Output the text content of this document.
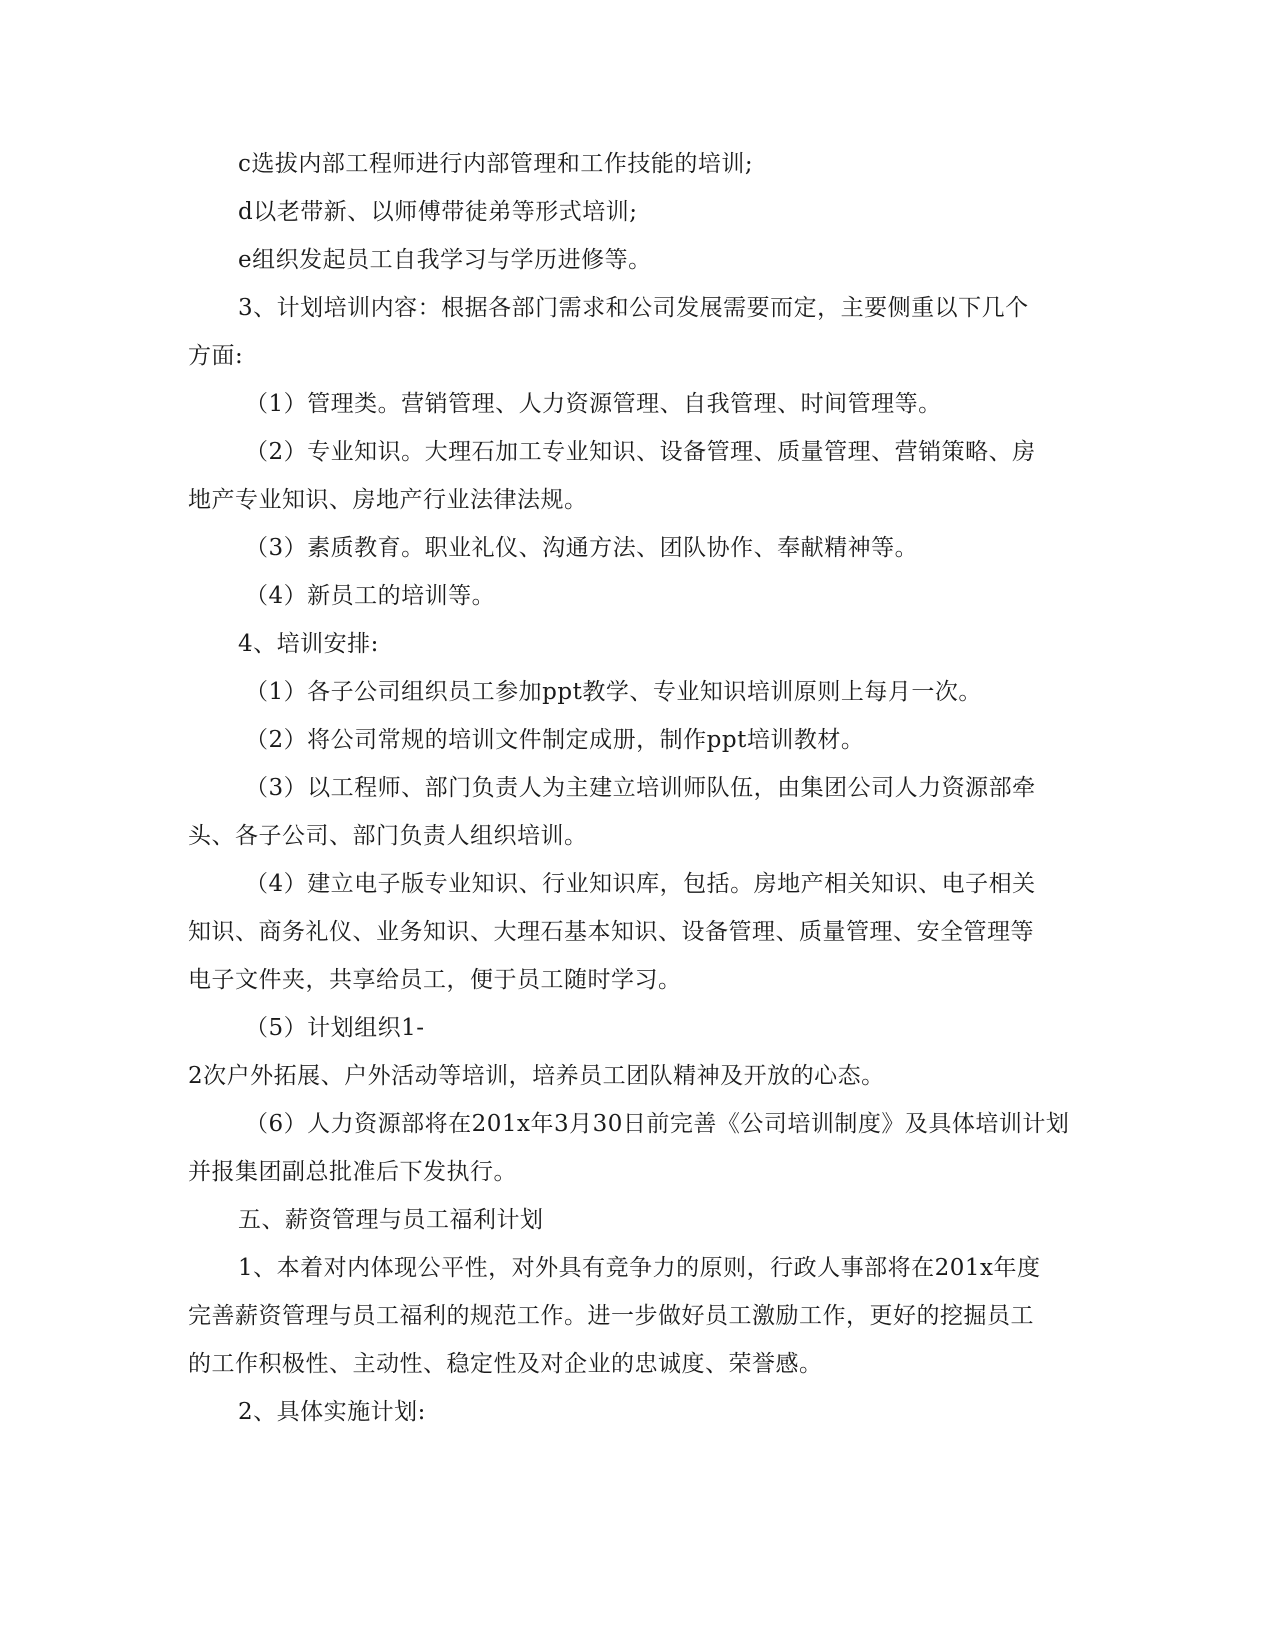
c选拔内部工程师进行内部管理和工作技能的培训;
d以老带新、以师傅带徒弟等形式培训;
e组织发起员工自我学习与学历进修等。
3、计划培训内容：根据各部门需求和公司发展需要而定，主要侧重以下几个
方面:
（1）管理类。营销管理、人力资源管理、自我管理、时间管理等。
（2）专业知识。大理石加工专业知识、设备管理、质量管理、营销策略、房
地产专业知识、房地产行业法律法规。
（3）素质教育。职业礼仪、沟通方法、团队协作、奉献精神等。
（4）新员工的培训等。
4、培训安排:
（1）各子公司组织员工参加ppt教学、专业知识培训原则上每月一次。
（2）将公司常规的培训文件制定成册，制作ppt培训教材。
（3）以工程师、部门负责人为主建立培训师队伍，由集团公司人力资源部牵
头、各子公司、部门负责人组织培训。
（4）建立电子版专业知识、行业知识库，包括。房地产相关知识、电子相关
知识、商务礼仪、业务知识、大理石基本知识、设备管理、质量管理、安全管理等
电子文件夹，共享给员工，便于员工随时学习。
（5）计划组织1-
2次户外拓展、户外活动等培训，培养员工团队精神及开放的心态。
（6）人力资源部将在201x年3月30日前完善《公司培训制度》及具体培训计划
并报集团副总批准后下发执行。
五、薪资管理与员工福利计划
1、本着对内体现公平性，对外具有竞争力的原则，行政人事部将在201x年度
完善薪资管理与员工福利的规范工作。进一步做好员工激励工作，更好的挖掘员工
的工作积极性、主动性、稳定性及对企业的忠诚度、荣誉感。
2、具体实施计划:
